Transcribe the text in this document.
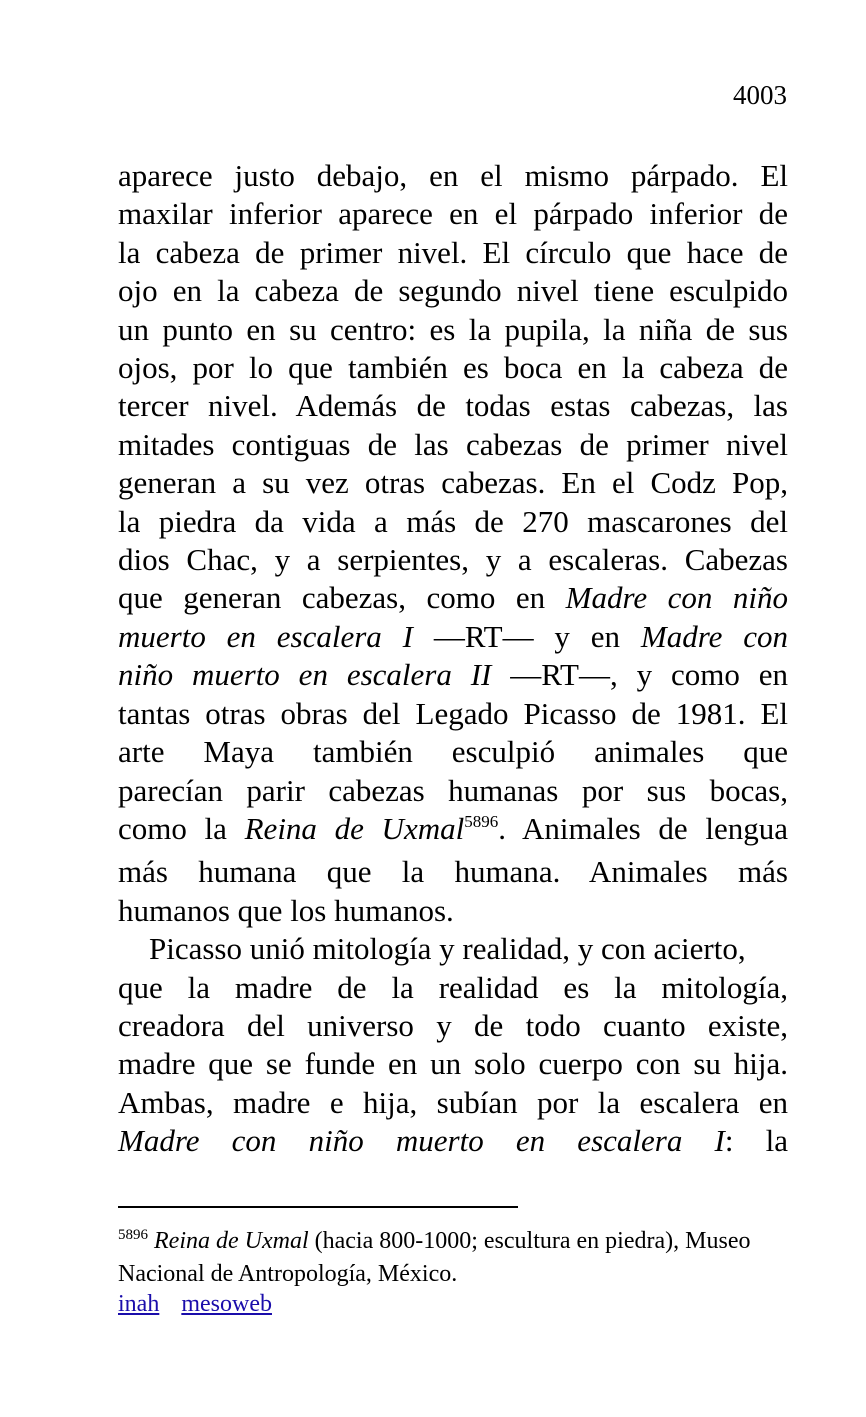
4003
aparece justo debajo, en el mismo párpado. El
maxilar inferior aparece en el párpado inferior de
la cabeza de primer nivel. El círculo que hace de
ojo en la cabeza de segundo nivel tiene esculpido
un punto en su centro: es la pupila, la niña de sus
ojos, por lo que también es boca en la cabeza de
tercer nivel. Además de todas estas cabezas, las
mitades contiguas de las cabezas de primer nivel
generan a su vez otras cabezas. En el Codz Pop,
la piedra da vida a más de 270 mascarones del
dios Chac, y a serpientes, y a escaleras. Cabezas
que generan cabezas, como en Madre con niño
muerto en escalera I —RT— y en Madre con
niño muerto en escalera II —RT—, y como en
tantas otras obras del Legado Picasso de 1981. El
arte Maya también esculpió animales que
parecían parir cabezas humanas por sus bocas,
como la Reina de Uxmal$^{5896}$. Animales de lengua
más humana que la humana. Animales más
humanos que los humanos.
Picasso unió mitología y realidad, y con acierto,
que la madre de la realidad es la mitología,
creadora del universo y de todo cuanto existe,
madre que se funde en un solo cuerpo con su hija.
Ambas, madre e hija, subían por la escalera en
Madre con niño muerto en escalera I: la
$^{5896}$ Reina de Uxmal (hacia 800-1000; escultura en piedra), Museo
Nacional de Antropología, México.
inah mesoweb
